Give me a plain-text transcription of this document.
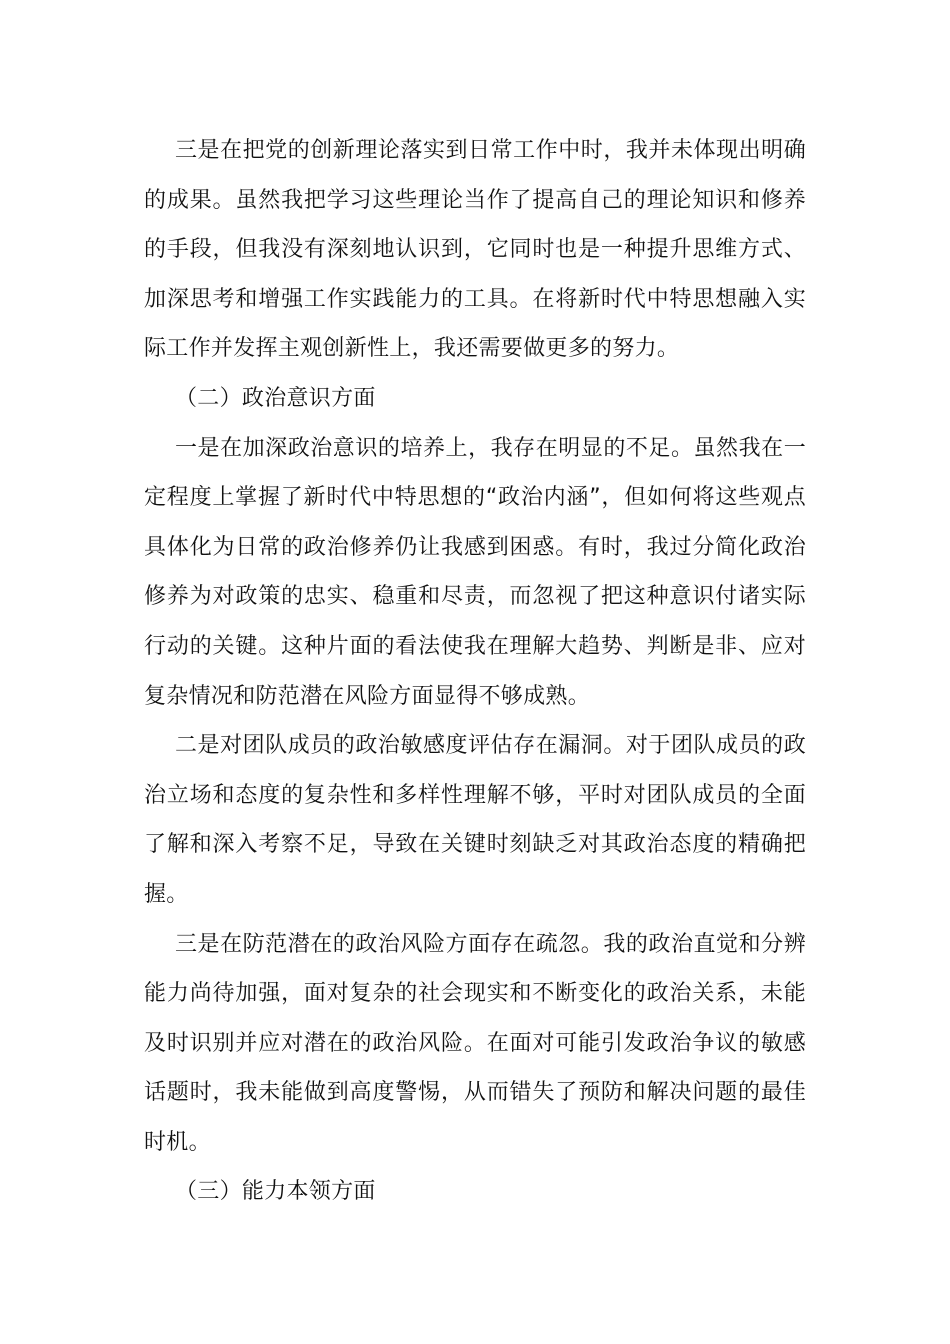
三是在把党的创新理论落实到日常工作中时，我并未体现出明确的成果。虽然我把学习这些理论当作了提高自己的理论知识和修养的手段，但我没有深刻地认识到，它同时也是一种提升思维方式、加深思考和增强工作实践能力的工具。在将新时代中特思想融入实际工作并发挥主观创新性上，我还需要做更多的努力。

（二）政治意识方面

一是在加深政治意识的培养上，我存在明显的不足。虽然我在一定程度上掌握了新时代中特思想的“政治内涵”，但如何将这些观点具体化为日常的政治修养仍让我感到困惑。有时，我过分简化政治修养为对政策的忠实、稳重和尽责，而忽视了把这种意识付诸实际行动的关键。这种片面的看法使我在理解大趋势、判断是非、应对复杂情况和防范潜在风险方面显得不够成熟。

二是对团队成员的政治敏感度评估存在漏洞。对于团队成员的政治立场和态度的复杂性和多样性理解不够，平时对团队成员的全面了解和深入考察不足，导致在关键时刻缺乏对其政治态度的精确把握。

三是在防范潜在的政治风险方面存在疏忽。我的政治直觉和分辨能力尚待加强，面对复杂的社会现实和不断变化的政治关系，未能及时识别并应对潜在的政治风险。在面对可能引发政治争议的敏感话题时，我未能做到高度警惕，从而错失了预防和解决问题的最佳时机。

（三）能力本领方面
